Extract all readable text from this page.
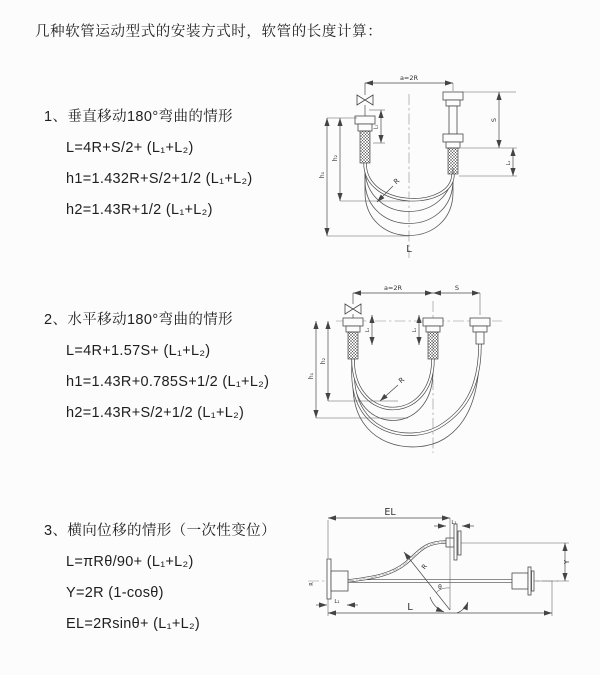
几种软管运动型式的安装方式时，软管的长度计算：

1、垂直移动180°弯曲的情形

L=4R+S/2+ (L₁+L₂)

h1=1.432R+S/2+1/2 (L₁+L₂)

h2=1.43R+1/2 (L₁+L₂)

2、水平移动180°弯曲的情形

L=4R+1.57S+ (L₁+L₂)

h1=1.43R+0.785S+1/2 (L₁+L₂)

h2=1.43R+S/2+1/2 (L₁+L₂)

3、横向位移的情形（一次性变位）

L=πRθ/90+ (L₁+L₂)

Y=2R (1-cosθ)

EL=2Rsinθ+ (L₁+L₂)

a=2R
h₂
h₁
L₁
S
L₁
R
L
a=2R	S
h₂
h₁
L₁	L₁
R
EL
L₁
Y
R
θ
L
L₁
R
